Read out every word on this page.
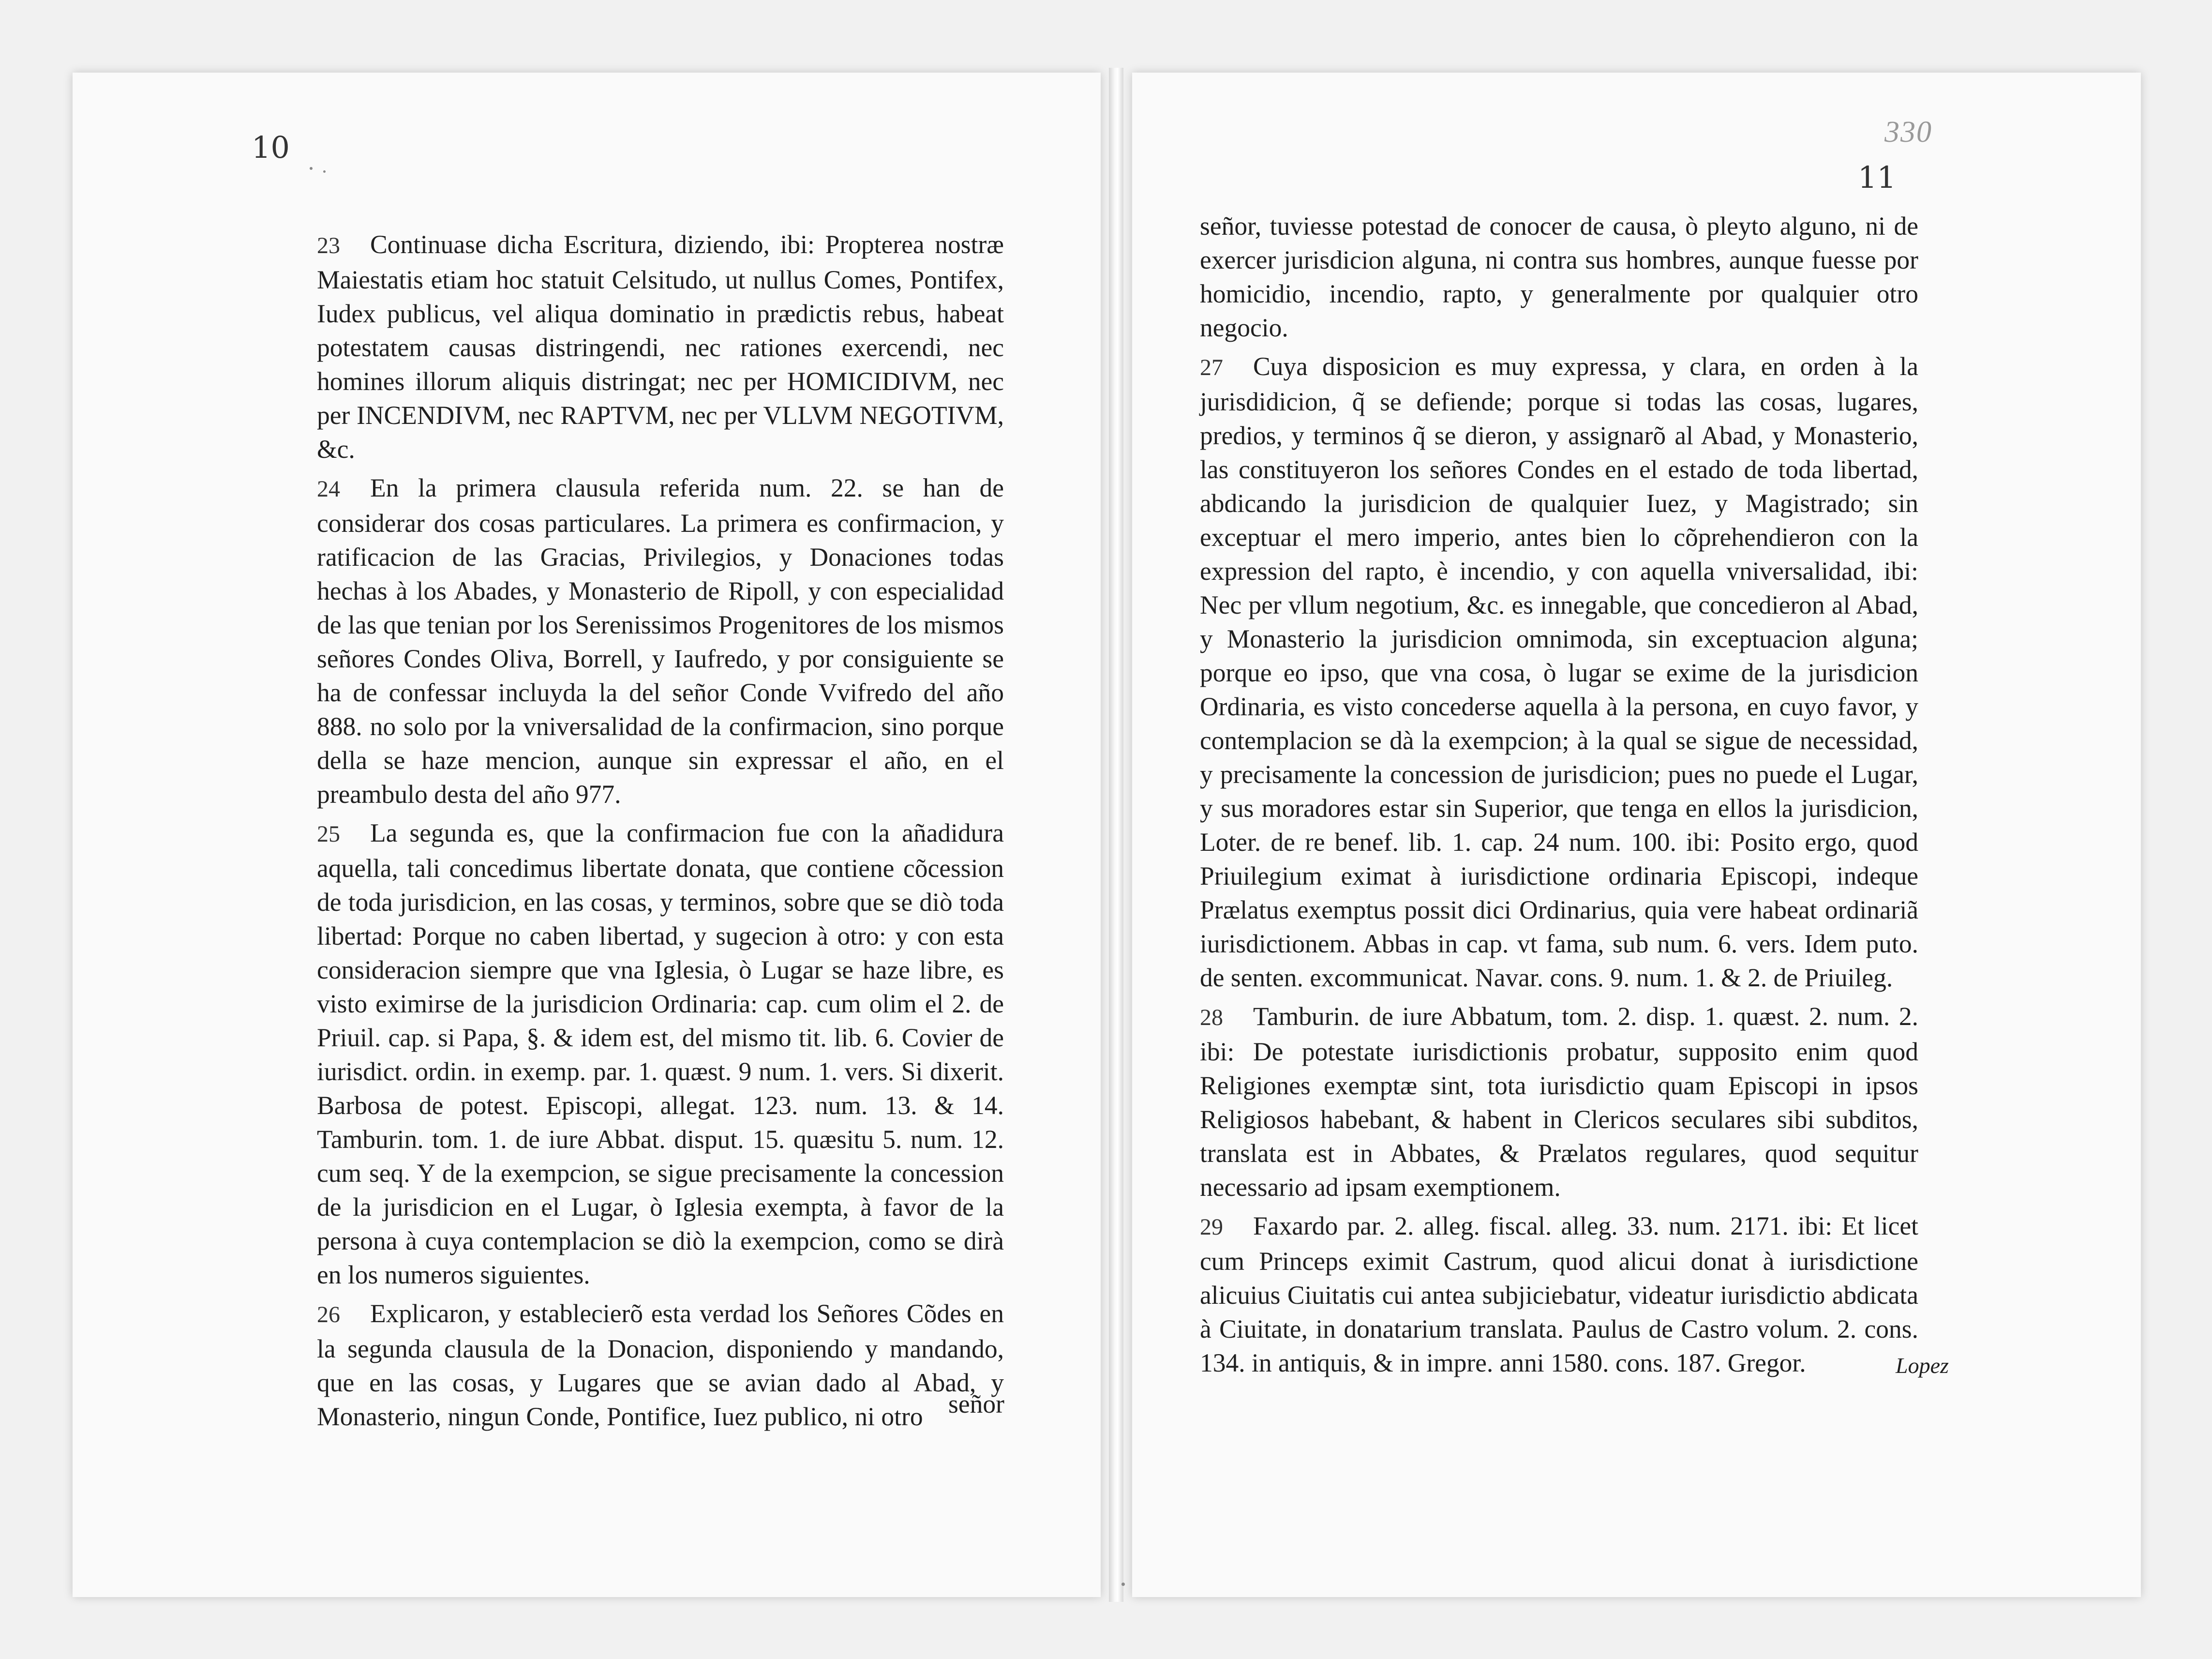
10
11
330

23 Continuase dicha Escritura, diziendo, ibi: Propterea nostræ Maiestatis etiam hoc statuit Celsitudo, ut nullus Comes, Pontifex, Iudex publicus, vel aliqua dominatio in prædictis rebus, habeat potestatem causas distringendi, nec rationes exercendi, nec homines illorum aliquis distringat; nec per HOMICIDIVM, nec per INCENDIVM, nec RAPTVM, nec per VLLVM NEGOTIVM, &c.

24 En la primera clausula referida num. 22. se han de considerar dos cosas particulares. La primera es confirmacion, y ratificacion de las Gracias, Privilegios, y Donaciones todas hechas à los Abades, y Monasterio de Ripoll, y con especialidad de las que tenian por los Serenissimos Progenitores de los mismos señores Condes Oliva, Borrell, y Iaufredo, y por consiguiente se ha de confessar incluyda la del señor Conde Vvifredo del año 888. no solo por la vniversalidad de la confirmacion, sino porque della se haze mencion, aunque sin expressar el año, en el preambulo desta del año 977.

25 La segunda es, que la confirmacion fue con la añadidura aquella, tali concedimus libertate donata, que contiene cõcession de toda jurisdicion, en las cosas, y terminos, sobre que se diò toda libertad: Porque no caben libertad, y sugecion à otro: y con esta consideracion siempre que vna Iglesia, ò Lugar se haze libre, es visto eximirse de la jurisdicion Ordinaria: cap. cum olim el 2. de Priuil. cap. si Papa, §. & idem est, del mismo tit. lib. 6. Covier de iurisdict. ordin. in exemp. par. 1. quæst. 9 num. 1. vers. Si dixerit. Barbosa de potest. Episcopi, allegat. 123. num. 13. & 14. Tamburin. tom. 1. de iure Abbat. disput. 15. quæsitu 5. num. 12. cum seq. Y de la exempcion, se sigue precisamente la concession de la jurisdicion en el Lugar, ò Iglesia exempta, à favor de la persona à cuya contemplacion se diò la exempcion, como se dirà en los numeros siguientes.

26 Explicaron, y establecierõ esta verdad los Señores Cõdes en la segunda clausula de la Donacion, disponiendo y mandando, que en las cosas, y Lugares que se avian dado al Abad, y Monasterio, ningun Conde, Pontifice, Iuez publico, ni otro señor

señor, tuviesse potestad de conocer de causa, ò pleyto alguno, ni de exercer jurisdicion alguna, ni contra sus hombres, aunque fuesse por homicidio, incendio, rapto, y generalmente por qualquier otro negocio.

27 Cuya disposicion es muy expressa, y clara, en orden à la jurisdidicion, q̃ se defiende; porque si todas las cosas, lugares, predios, y terminos q̃ se dieron, y assignarõ al Abad, y Monasterio, las constituyeron los señores Condes en el estado de toda libertad, abdicando la jurisdicion de qualquier Iuez, y Magistrado; sin exceptuar el mero imperio, antes bien lo cõprehendieron con la expression del rapto, è incendio, y con aquella vniversalidad, ibi: Nec per vllum negotium, &c. es innegable, que concedieron al Abad, y Monasterio la jurisdicion omnimoda, sin exceptuacion alguna; porque eo ipso, que vna cosa, ò lugar se exime de la jurisdicion Ordinaria, es visto concederse aquella à la persona, en cuyo favor, y contemplacion se dà la exempcion; à la qual se sigue de necessidad, y precisamente la concession de jurisdicion; pues no puede el Lugar, y sus moradores estar sin Superior, que tenga en ellos la jurisdicion, Loter. de re benef. lib. 1. cap. 24 num. 100. ibi: Posito ergo, quod Priuilegium eximat à iurisdictione ordinaria Episcopi, indeque Prælatus exemptus possit dici Ordinarius, quia vere habeat ordinariã iurisdictionem. Abbas in cap. vt fama, sub num. 6. vers. Idem puto. de senten. excommunicat. Navar. cons. 9. num. 1. & 2. de Priuileg.

28 Tamburin. de iure Abbatum, tom. 2. disp. 1. quæst. 2. num. 2. ibi: De potestate iurisdictionis probatur, supposito enim quod Religiones exemptæ sint, tota iurisdictio quam Episcopi in ipsos Religiosos habebant, & habent in Clericos seculares sibi subditos, translata est in Abbates, & Prælatos regulares, quod sequitur necessario ad ipsam exemptionem.

29 Faxardo par. 2. alleg. fiscal. alleg. 33. num. 2171. ibi: Et licet cum Princeps eximit Castrum, quod alicui donat à iurisdictione alicuius Ciuitatis cui antea subjiciebatur, videatur iurisdictio abdicata à Ciuitate, in donatarium translata. Paulus de Castro volum. 2. cons. 134. in antiquis, & in impre. anni 1580. cons. 187. Gregor.	Lopez
